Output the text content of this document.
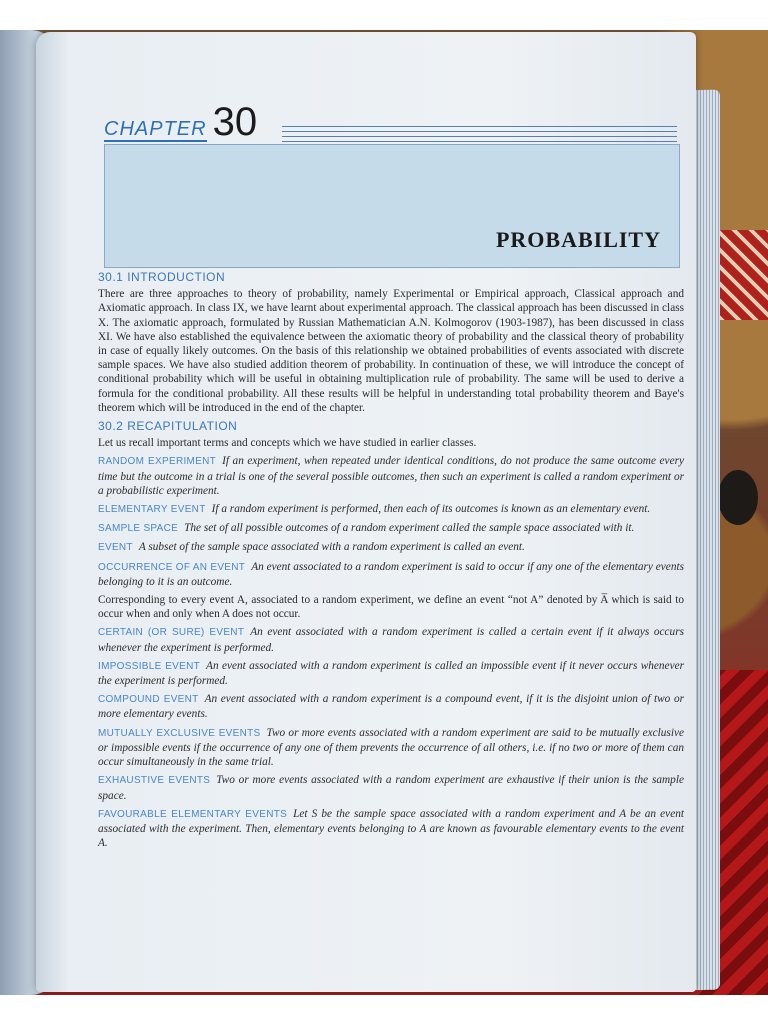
CHAPTER 30
PROBABILITY
30.1 INTRODUCTION

There are three approaches to theory of probability, namely Experimental or Empirical approach, Classical approach and Axiomatic approach. In class IX, we have learnt about experimental approach. The classical approach has been discussed in class X. The axiomatic approach, formulated by Russian Mathematician A.N. Kolmogorov (1903-1987), has been discussed in class XI. We have also established the equivalence between the axiomatic theory of probability and the classical theory of probability in case of equally likely outcomes. On the basis of this relationship we obtained probabilities of events associated with discrete sample spaces. We have also studied addition theorem of probability. In continuation of these, we will introduce the concept of conditional probability which will be useful in obtaining multiplication rule of probability. The same will be used to derive a formula for the conditional probability. All these results will be helpful in understanding total probability theorem and Baye's theorem which will be introduced in the end of the chapter.

30.2 RECAPITULATION

Let us recall important terms and concepts which we have studied in earlier classes.

RANDOM EXPERIMENT If an experiment, when repeated under identical conditions, do not produce the same outcome every time but the outcome in a trial is one of the several possible outcomes, then such an experiment is called a random experiment or a probabilistic experiment.

ELEMENTARY EVENT If a random experiment is performed, then each of its outcomes is known as an elementary event.

SAMPLE SPACE The set of all possible outcomes of a random experiment called the sample space associated with it.

EVENT A subset of the sample space associated with a random experiment is called an event.

OCCURRENCE OF AN EVENT An event associated to a random experiment is said to occur if any one of the elementary events belonging to it is an outcome.

Corresponding to every event A, associated to a random experiment, we define an event “not A” denoted by A̅ which is said to occur when and only when A does not occur.

CERTAIN (OR SURE) EVENT An event associated with a random experiment is called a certain event if it always occurs whenever the experiment is performed.

IMPOSSIBLE EVENT An event associated with a random experiment is called an impossible event if it never occurs whenever the experiment is performed.

COMPOUND EVENT An event associated with a random experiment is a compound event, if it is the disjoint union of two or more elementary events.

MUTUALLY EXCLUSIVE EVENTS Two or more events associated with a random experiment are said to be mutually exclusive or impossible events if the occurrence of any one of them prevents the occurrence of all others, i.e. if no two or more of them can occur simultaneously in the same trial.

EXHAUSTIVE EVENTS Two or more events associated with a random experiment are exhaustive if their union is the sample space.

FAVOURABLE ELEMENTARY EVENTS Let S be the sample space associated with a random experiment and A be an event associated with the experiment. Then, elementary events belonging to A are known as favourable elementary events to the event A.
